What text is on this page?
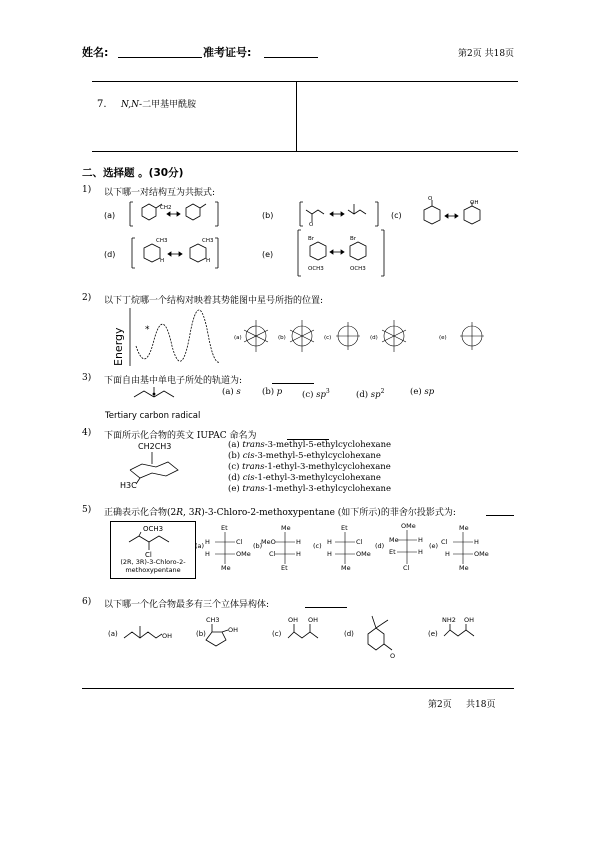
姓名:	准考证号:	第2页 共18页
7. N,N-二甲基甲酰胺
二、选择题 。(30分)
1) 以下哪一对结构互为共振式:
(a)	(b)	(c)
(d)	(e)
CH2
O
O
OH
CH3
H
CH3
H
Br
OCH3
Br
OCH3
2) 以下丁烷哪一个结构对映着其势能图中星号所指的位置:
Energy *
(a)	(b)	(c)	(d)	(e)
3) 下面自由基中单电子所处的轨道为:
Tertiary carbon radical
(a) s (b) p (c) $sp^3$	(d) $sp^2$	(e) sp
4) 下面所示化合物的英文 IUPAC 命名为
CH2CH3
H3C
(a) trans-3-methyl-5-ethylcyclohexane
(b) cis-3-methyl-5-ethylcyclohexane
(c) trans-1-ethyl-3-methylcyclohexane
(d) cis-1-ethyl-3-methylcyclohexane
(e) trans-1-methyl-3-ethylcyclohexane
5) 正确表示化合物(2R, 3R)-3-Chloro-2-methoxypentane (如下所示)的菲舍尔投影式为:
OCH3
Cl
(2R, 3R)-3-Chloro-2-
methoxypentane
(a)	(b)	(c)	(d)	(e)
Et
H	Cl
H	OMe
Me
Me
MeO	H
Cl	H
Et
Et
H	Cl
H	OMe
Me
OMe
Me	H
Et	H
Cl
Me
Cl	H
H	OMe
Me
6) 以下哪一个化合物最多有三个立体异构体:
(a)	(b)	(c)	(d)	(e)
OH
CH3
OH
OH OH
O
NH2 OH
第2页     共18页
